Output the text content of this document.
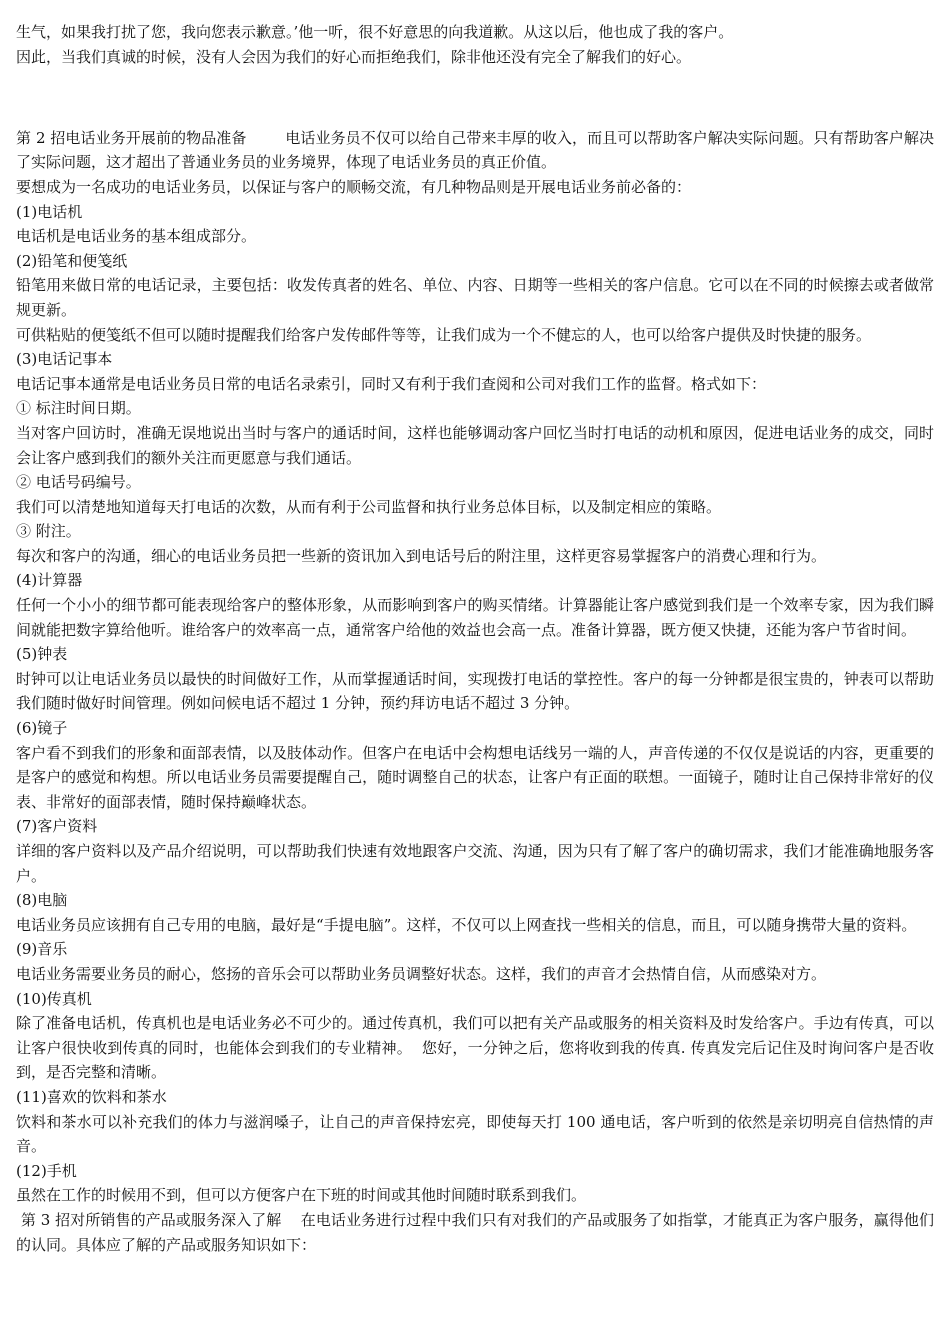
生气，如果我打扰了您，我向您表示歉意。’他一听，很不好意思的向我道歉。从这以后，他也成了我的客户。

因此，当我们真诚的时候，没有人会因为我们的好心而拒绝我们，除非他还没有完全了解我们的好心。

第 2 招电话业务开展前的物品准备        电话业务员不仅可以给自己带来丰厚的收入，而且可以帮助客户解决实际问题。只有帮助客户解决了实际问题，这才超出了普通业务员的业务境界，体现了电话业务员的真正价值。

要想成为一名成功的电话业务员，以保证与客户的顺畅交流，有几种物品则是开展电话业务前必备的：

(1)电话机

电话机是电话业务的基本组成部分。

(2)铅笔和便笺纸

铅笔用来做日常的电话记录，主要包括：收发传真者的姓名、单位、内容、日期等一些相关的客户信息。它可以在不同的时候擦去或者做常规更新。

可供粘贴的便笺纸不但可以随时提醒我们给客户发传邮件等等，让我们成为一个不健忘的人，也可以给客户提供及时快捷的服务。

(3)电话记事本

电话记事本通常是电话业务员日常的电话名录索引，同时又有利于我们查阅和公司对我们工作的监督。格式如下：

① 标注时间日期。

当对客户回访时，准确无误地说出当时与客户的通话时间，这样也能够调动客户回忆当时打电话的动机和原因，促进电话业务的成交，同时会让客户感到我们的额外关注而更愿意与我们通话。

② 电话号码编号。

我们可以清楚地知道每天打电话的次数，从而有利于公司监督和执行业务总体目标，以及制定相应的策略。

③ 附注。

每次和客户的沟通，细心的电话业务员把一些新的资讯加入到电话号后的附注里，这样更容易掌握客户的消费心理和行为。

(4)计算器

任何一个小小的细节都可能表现给客户的整体形象，从而影响到客户的购买情绪。计算器能让客户感觉到我们是一个效率专家，因为我们瞬间就能把数字算给他听。谁给客户的效率高一点，通常客户给他的效益也会高一点。准备计算器，既方便又快捷，还能为客户节省时间。

(5)钟表

时钟可以让电话业务员以最快的时间做好工作，从而掌握通话时间，实现拨打电话的掌控性。客户的每一分钟都是很宝贵的，钟表可以帮助我们随时做好时间管理。例如问候电话不超过 1 分钟，预约拜访电话不超过 3 分钟。

(6)镜子

客户看不到我们的形象和面部表情，以及肢体动作。但客户在电话中会构想电话线另一端的人，声音传递的不仅仅是说话的内容，更重要的是客户的感觉和构想。所以电话业务员需要提醒自己，随时调整自己的状态，让客户有正面的联想。一面镜子，随时让自己保持非常好的仪表、非常好的面部表情，随时保持巅峰状态。

(7)客户资料

详细的客户资料以及产品介绍说明，可以帮助我们快速有效地跟客户交流、沟通，因为只有了解了客户的确切需求，我们才能准确地服务客户。

(8)电脑

电话业务员应该拥有自己专用的电脑，最好是“手提电脑”。这样，不仅可以上网查找一些相关的信息，而且，可以随身携带大量的资料。

(9)音乐

电话业务需要业务员的耐心，悠扬的音乐会可以帮助业务员调整好状态。这样，我们的声音才会热情自信，从而感染对方。

(10)传真机

除了准备电话机，传真机也是电话业务必不可少的。通过传真机，我们可以把有关产品或服务的相关资料及时发给客户。手边有传真，可以让客户很快收到传真的同时，也能体会到我们的专业精神。  您好，一分钟之后，您将收到我的传真. 传真发完后记住及时询问客户是否收到，是否完整和清晰。

(11)喜欢的饮料和茶水

饮料和茶水可以补充我们的体力与滋润嗓子，让自己的声音保持宏亮，即使每天打 100 通电话，客户听到的依然是亲切明亮自信热情的声音。

(12)手机

虽然在工作的时候用不到，但可以方便客户在下班的时间或其他时间随时联系到我们。

第 3 招对所销售的产品或服务深入了解    在电话业务进行过程中我们只有对我们的产品或服务了如指掌，才能真正为客户服务，赢得他们的认同。具体应了解的产品或服务知识如下：
